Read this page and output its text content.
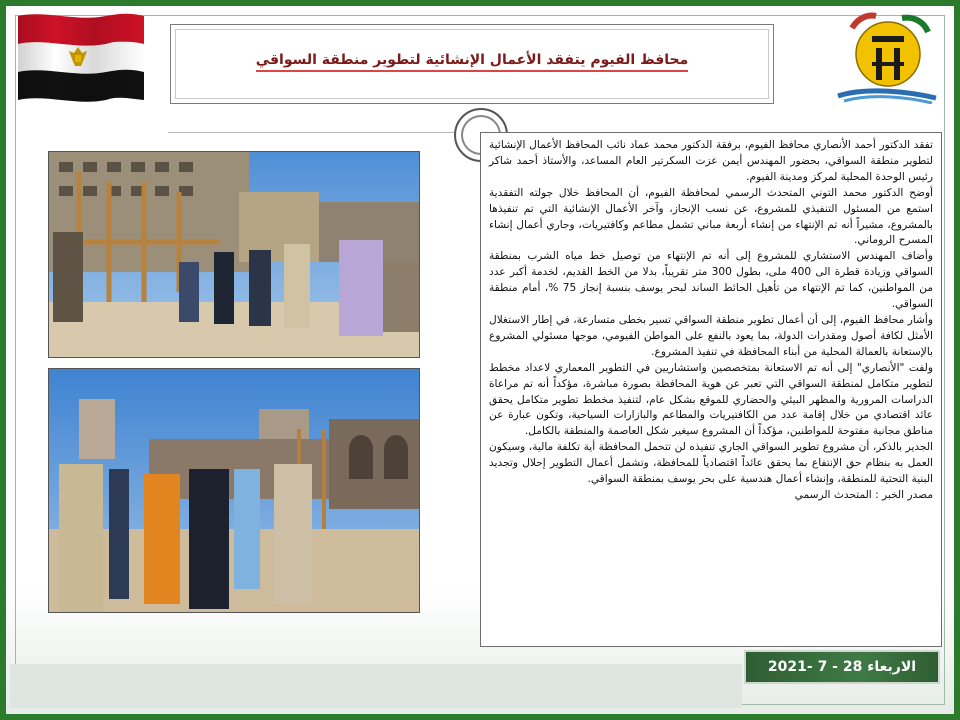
محافظ الفيوم يتفقد الأعمال الإنشائية لتطوير منطقة السواقي

تفقد الدكتور أحمد الأنصاري محافظ الفيوم، برفقة الدكتور محمد عماد نائب المحافظ الأعمال الإنشائية لتطوير منطقة السواقي، بحضور المهندس أيمن عزت السكرتير العام المساعد، والأستاذ أحمد شاكر رئيس الوحدة المحلية لمركز ومدينة الفيوم.

أوضح الدكتور محمد التوني المتحدث الرسمي لمحافظة الفيوم، أن المحافظ خلال جولته التفقدية استمع من المسئول التنفيذي للمشروع، عن نسب الإنجاز، وآخر الأعمال الإنشائية التي تم تنفيذها بالمشروع، مشيراً أنه تم الإنتهاء من إنشاء أربعة مباني تشمل مطاعم وكافتيريات، وجاري أعمال إنشاء المسرح الروماني.

وأضاف المهندس الاستشاري للمشروع إلى أنه تم الإنتهاء من توصيل خط مياه الشرب بمنطقة السواقي وزيادة قطرة الى 400 ملى، بطول 300 متر تقريباً، بدلا من الخط القديم، لخدمة أكبر عدد من المواطنين، كما تم الإنتهاء من تأهيل الحائط الساند لبحر يوسف بنسبة إنجاز 75 %، أمام منطقة السواقي.

وأشار محافظ الفيوم، إلى أن أعمال تطوير منطقة السواقي تسير بخطى متسارعة، في إطار الاستغلال الأمثل لكافة أصول ومقدرات الدولة، بما يعود بالنفع على المواطن الفيومي، موجها مسئولي المشروع بالإستعانة بالعمالة المحلية من أبناء المحافظة في تنفيذ المشروع.

ولفت "الأنصاري" إلى أنه تم الاستعانة بمتخصصين واستشاريين في التطوير المعماري لاعداد مخطط لتطوير متكامل لمنطقة السواقي التي تعبر عن هوية المحافظة بصورة مباشرة، مؤكداً أنه تم مراعاة الدراسات المرورية والمظهر البيئي والحضاري للموقع بشكل عام، لتنفيذ مخطط تطوير متكامل يحقق عائد اقتصادي من خلال إقامة عدد من الكافتيريات والمطاعم والبازارات السياحية، وتكون عبارة عن مناطق مجانية مفتوحة للمواطنين، مؤكداً أن المشروع سيغير شكل العاصمة والمنطقة بالكامل.

الجدير بالذكر، أن مشروع تطوير السواقي الجاري تنفيذه لن تتحمل المحافظة أية تكلفة مالية، وسيكون العمل به بنظام حق الإنتفاع بما يحقق عائداً اقتصادياً للمحافظة، وتشمل أعمال التطوير إحلال وتجديد البنية التحتية للمنطقة، وإنشاء أعمال هندسية على بحر يوسف بمنطقة السواقي.

مصدر الخبر : المتحدث الرسمي

الاربعاء 28 - 7 -2021
